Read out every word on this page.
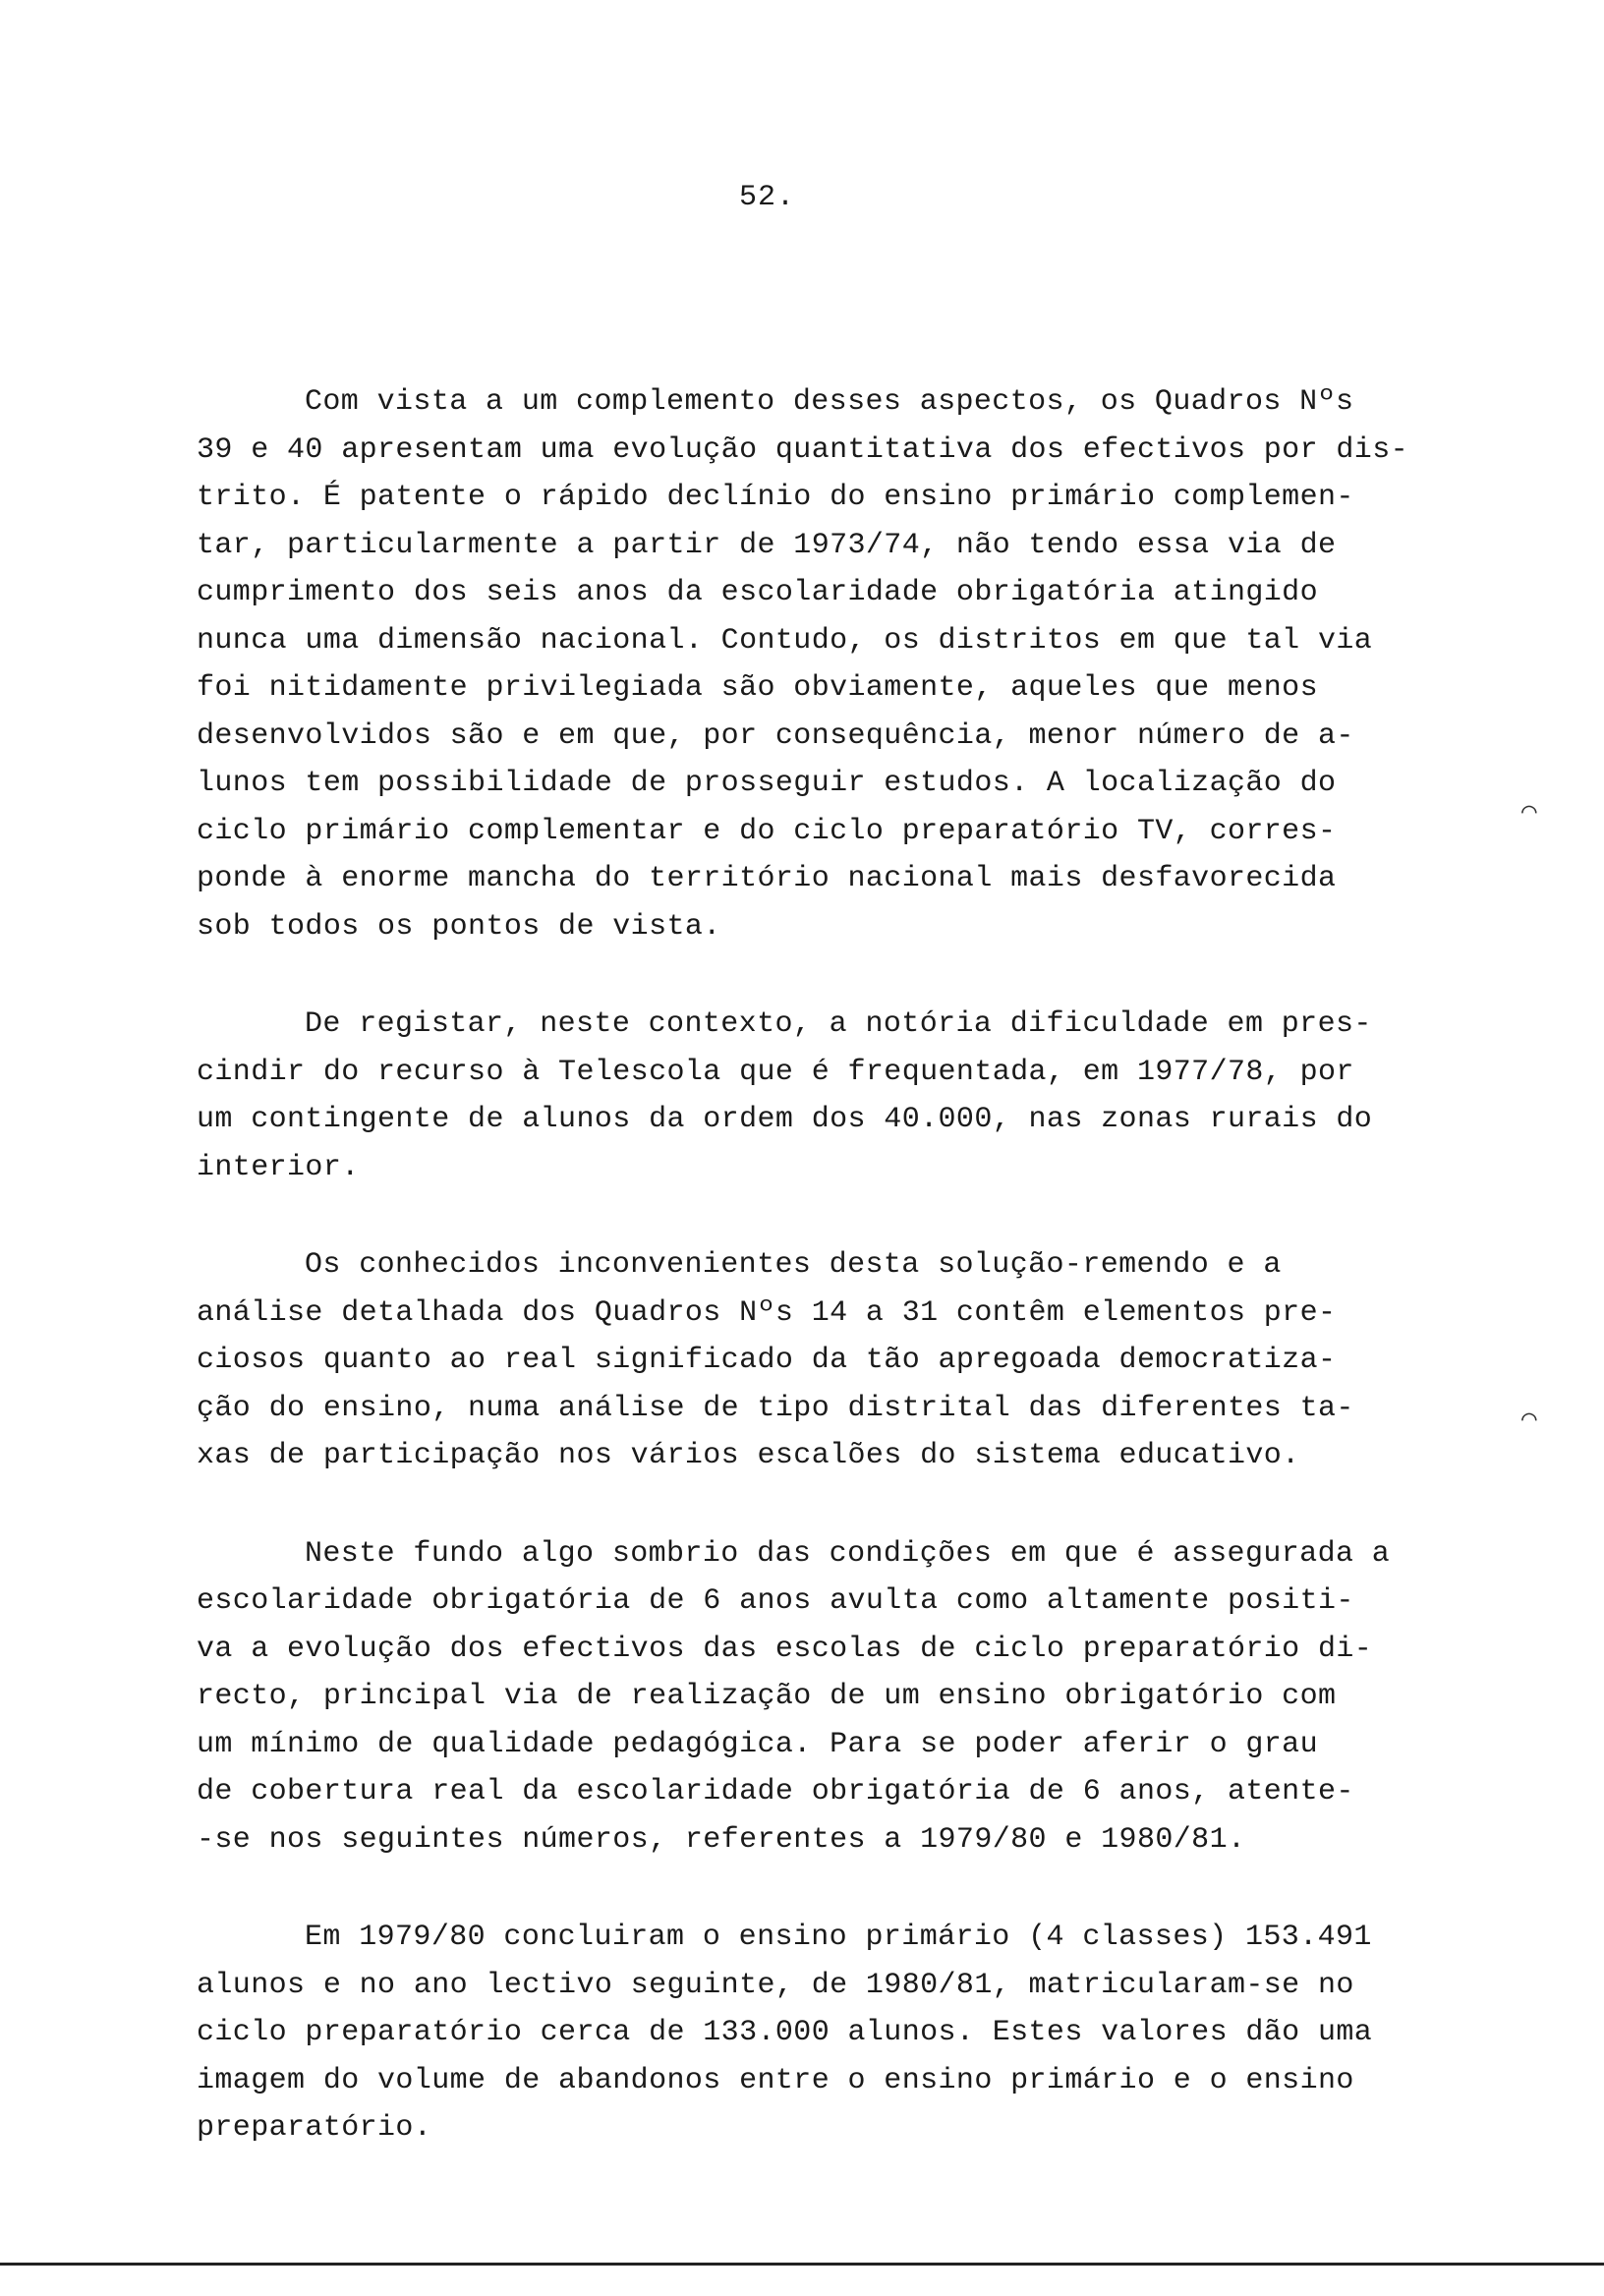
52.

Com vista a um complemento desses aspectos, os Quadros Nºs
39 e 40 apresentam uma evolução quantitativa dos efectivos por dis-
trito. É patente o rápido declínio do ensino primário complemen-
tar, particularmente a partir de 1973/74, não tendo essa via de
cumprimento dos seis anos da escolaridade obrigatória atingido
nunca uma dimensão nacional. Contudo, os distritos em que tal via
foi nitidamente privilegiada são obviamente, aqueles que menos
desenvolvidos são e em que, por consequência, menor número de a-
lunos tem possibilidade de prosseguir estudos. A localização do
ciclo primário complementar e do ciclo preparatório TV, corres-
ponde à enorme mancha do território nacional mais desfavorecida
sob todos os pontos de vista.

De registar, neste contexto, a notória dificuldade em pres-
cindir do recurso à Telescola que é frequentada, em 1977/78, por
um contingente de alunos da ordem dos 40.000, nas zonas rurais do
interior.

Os conhecidos inconvenientes desta solução-remendo e a
análise detalhada dos Quadros Nºs 14 a 31 contêm elementos pre-
ciosos quanto ao real significado da tão apregoada democratiza-
ção do ensino, numa análise de tipo distrital das diferentes ta-
xas de participação nos vários escalões do sistema educativo.

Neste fundo algo sombrio das condições em que é assegurada a
escolaridade obrigatória de 6 anos avulta como altamente positi-
va a evolução dos efectivos das escolas de ciclo preparatório di-
recto, principal via de realização de um ensino obrigatório com
um mínimo de qualidade pedagógica. Para se poder aferir o grau
de cobertura real da escolaridade obrigatória de 6 anos, atente-
-se nos seguintes números, referentes a 1979/80 e 1980/81.

Em 1979/80 concluiram o ensino primário (4 classes) 153.491
alunos e no ano lectivo seguinte, de 1980/81, matricularam-se no
ciclo preparatório cerca de 133.000 alunos. Estes valores dão uma
imagem do volume de abandonos entre o ensino primário e o ensino
preparatório.

⌒
⌒
